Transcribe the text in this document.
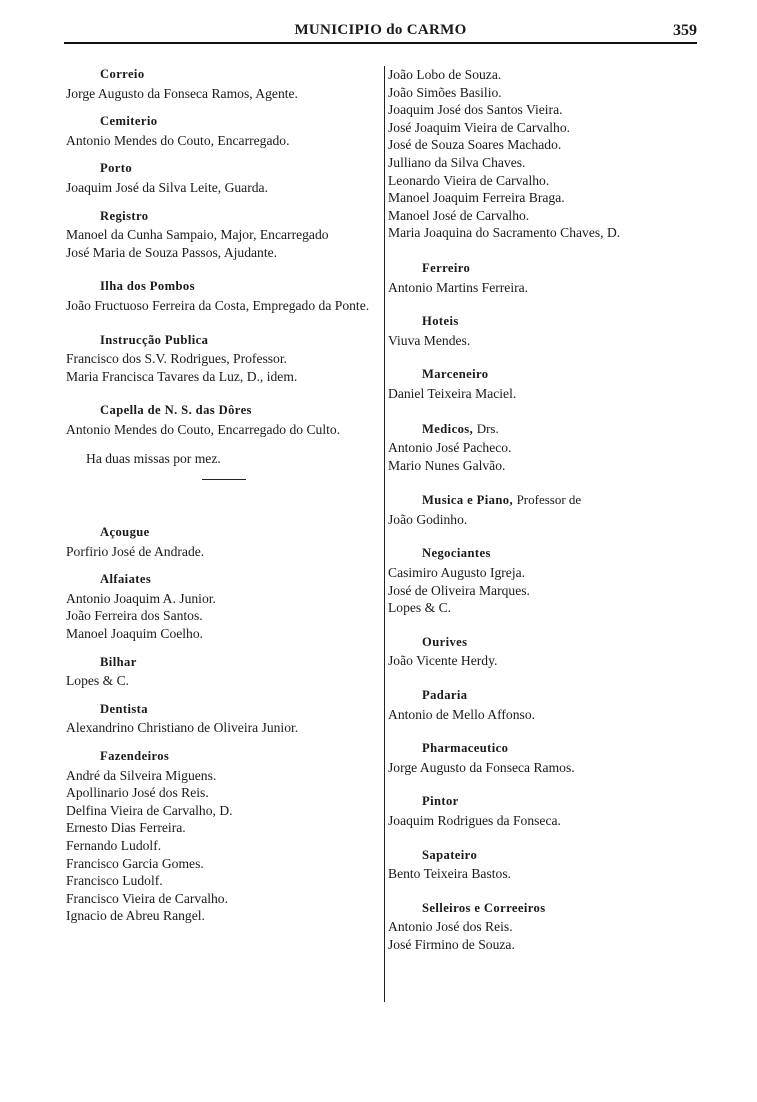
MUNICIPIO do CARMO	359
Correio
Jorge Augusto da Fonseca Ramos, Agente.
Cemiterio
Antonio Mendes do Couto, Encarregado.
Porto
Joaquim José da Silva Leite, Guarda.
Registro
Manoel da Cunha Sampaio, Major, Encarregado
José Maria de Souza Passos, Ajudante.
Ilha dos Pombos
João Fructuoso Ferreira da Costa, Empregado da Ponte.
Instrucção Publica
Francisco dos S.V. Rodrigues, Professor.
Maria Francisca Tavares da Luz, D., idem.
Capella de N. S. das Dôres
Antonio Mendes do Couto, Encarregado do Culto.
Ha duas missas por mez.
Açougue
Porfirio José de Andrade.
Alfaiates
Antonio Joaquim A. Junior.
João Ferreira dos Santos.
Manoel Joaquim Coelho.
Bilhar
Lopes & C.
Dentista
Alexandrino Christiano de Oliveira Junior.
Fazendeiros
André da Silveira Miguens.
Apollinario José dos Reis.
Delfina Vieira de Carvalho, D.
Ernesto Dias Ferreira.
Fernando Ludolf.
Francisco Garcia Gomes.
Francisco Ludolf.
Francisco Vieira de Carvalho.
Ignacio de Abreu Rangel.
João Lobo de Souza.
João Simões Basilio.
Joaquim José dos Santos Vieira.
José Joaquim Vieira de Carvalho.
José de Souza Soares Machado.
Julliano da Silva Chaves.
Leonardo Vieira de Carvalho.
Manoel Joaquim Ferreira Braga.
Manoel José de Carvalho.
Maria Joaquina do Sacramento Chaves, D.
Ferreiro
Antonio Martins Ferreira.
Hoteis
Viuva Mendes.
Marceneiro
Daniel Teixeira Maciel.
Medicos, Drs.
Antonio José Pacheco.
Mario Nunes Galvão.
Musica e Piano, Professor de
João Godinho.
Negociantes
Casimiro Augusto Igreja.
José de Oliveira Marques.
Lopes & C.
Ourives
João Vicente Herdy.
Padaria
Antonio de Mello Affonso.
Pharmaceutico
Jorge Augusto da Fonseca Ramos.
Pintor
Joaquim Rodrigues da Fonseca.
Sapateiro
Bento Teixeira Bastos.
Selleiros e Correeiros
Antonio José dos Reis.
José Firmino de Souza.
